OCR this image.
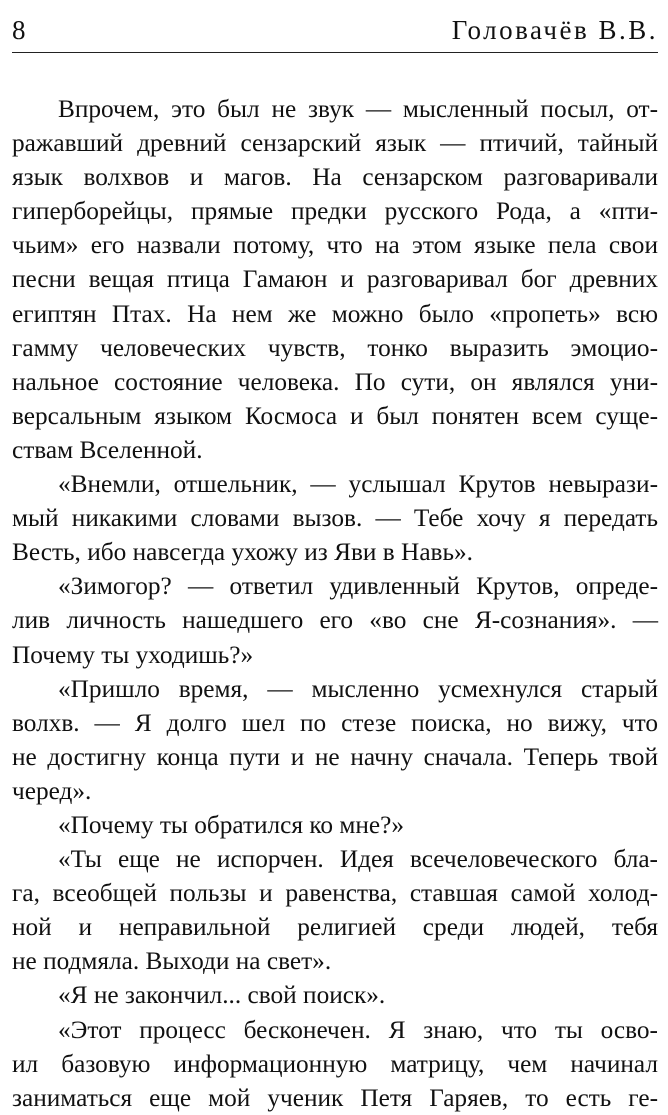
8	Головачёв В.В.
Впрочем, это был не звук — мысленный посыл, от-
ражавший древний сензарский язык — птичий, тайный
язык волхвов и магов. На сензарском разговаривали
гиперборейцы, прямые предки русского Рода, а «пти-
чьим» его назвали потому, что на этом языке пела свои
песни вещая птица Гамаюн и разговаривал бог древних
египтян Птах. На нем же можно было «пропеть» всю
гамму человеческих чувств, тонко выразить эмоцио-
нальное состояние человека. По сути, он являлся уни-
версальным языком Космоса и был понятен всем суще-
ствам Вселенной.
«Внемли, отшельник, — услышал Крутов невырази-
мый никакими словами вызов. — Тебе хочу я передать
Весть, ибо навсегда ухожу из Яви в Навь».
«Зимогор? — ответил удивленный Крутов, опреде-
лив личность нашедшего его «во сне Я-сознания». —
Почему ты уходишь?»
«Пришло время, — мысленно усмехнулся старый
волхв. — Я долго шел по стезе поиска, но вижу, что
не достигну конца пути и не начну сначала. Теперь твой
черед».
«Почему ты обратился ко мне?»
«Ты еще не испорчен. Идея всечеловеческого бла-
га, всеобщей пользы и равенства, ставшая самой холод-
ной и неправильной религией среди людей, тебя
не подмяла. Выходи на свет».
«Я не закончил... свой поиск».
«Этот процесс бесконечен. Я знаю, что ты осво-
ил базовую информационную матрицу, чем начинал
заниматься еще мой ученик Петя Гаряев, то есть ге-
